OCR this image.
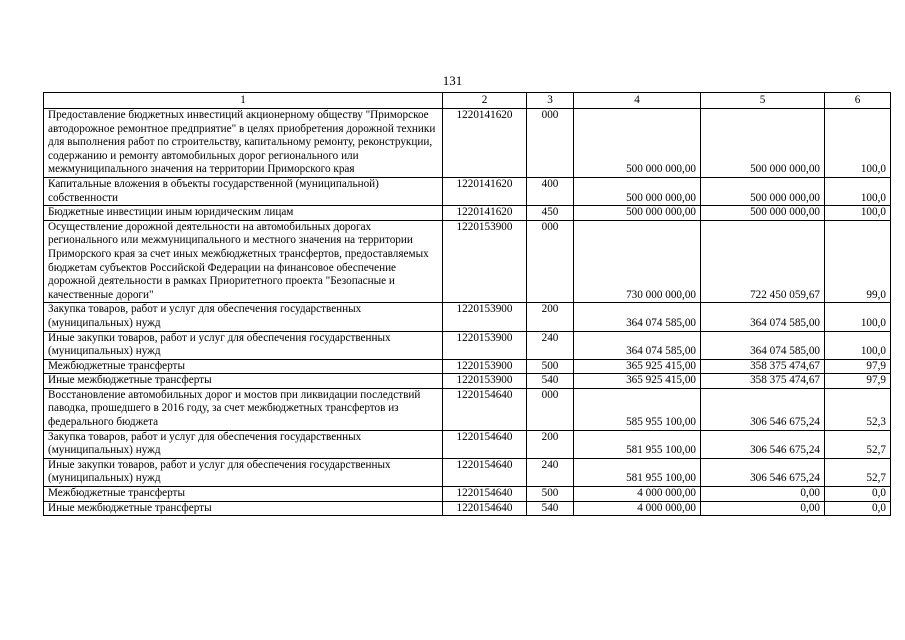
131
1	2	3	4	5	6
Предоставление бюджетных инвестиций акционерному обществу "Приморское автодорожное ремонтное предприятие" в целях приобретения дорожной техники для выполнения работ по строительству, капитальному ремонту, реконструкции, содержанию и ремонту автомобильных дорог регионального или межмуниципального значения на территории Приморского края	1220141620	000	500 000 000,00	500 000 000,00	100,0
Капитальные вложения в объекты государственной (муниципальной) собственности	1220141620	400	500 000 000,00	500 000 000,00	100,0
Бюджетные инвестиции иным юридическим лицам	1220141620	450	500 000 000,00	500 000 000,00	100,0
Осуществление дорожной деятельности на автомобильных дорогах регионального или межмуниципального и местного значения на территории Приморского края за счет иных межбюджетных трансфертов, предоставляемых бюджетам субъектов Российской Федерации на финансовое обеспечение дорожной деятельности в рамках Приоритетного проекта "Безопасные и качественные дороги"	1220153900	000	730 000 000,00	722 450 059,67	99,0
Закупка товаров, работ и услуг для обеспечения государственных (муниципальных) нужд	1220153900	200	364 074 585,00	364 074 585,00	100,0
Иные закупки товаров, работ и услуг для обеспечения государственных (муниципальных) нужд	1220153900	240	364 074 585,00	364 074 585,00	100,0
Межбюджетные трансферты	1220153900	500	365 925 415,00	358 375 474,67	97,9
Иные межбюджетные трансферты	1220153900	540	365 925 415,00	358 375 474,67	97,9
Восстановление автомобильных дорог и мостов при ликвидации последствий паводка, прошедшего в 2016 году, за счет межбюджетных трансфертов из федерального бюджета	1220154640	000	585 955 100,00	306 546 675,24	52,3
Закупка товаров, работ и услуг для обеспечения государственных (муниципальных) нужд	1220154640	200	581 955 100,00	306 546 675,24	52,7
Иные закупки товаров, работ и услуг для обеспечения государственных (муниципальных) нужд	1220154640	240	581 955 100,00	306 546 675,24	52,7
Межбюджетные трансферты	1220154640	500	4 000 000,00	0,00	0,0
Иные межбюджетные трансферты	1220154640	540	4 000 000,00	0,00	0,0
